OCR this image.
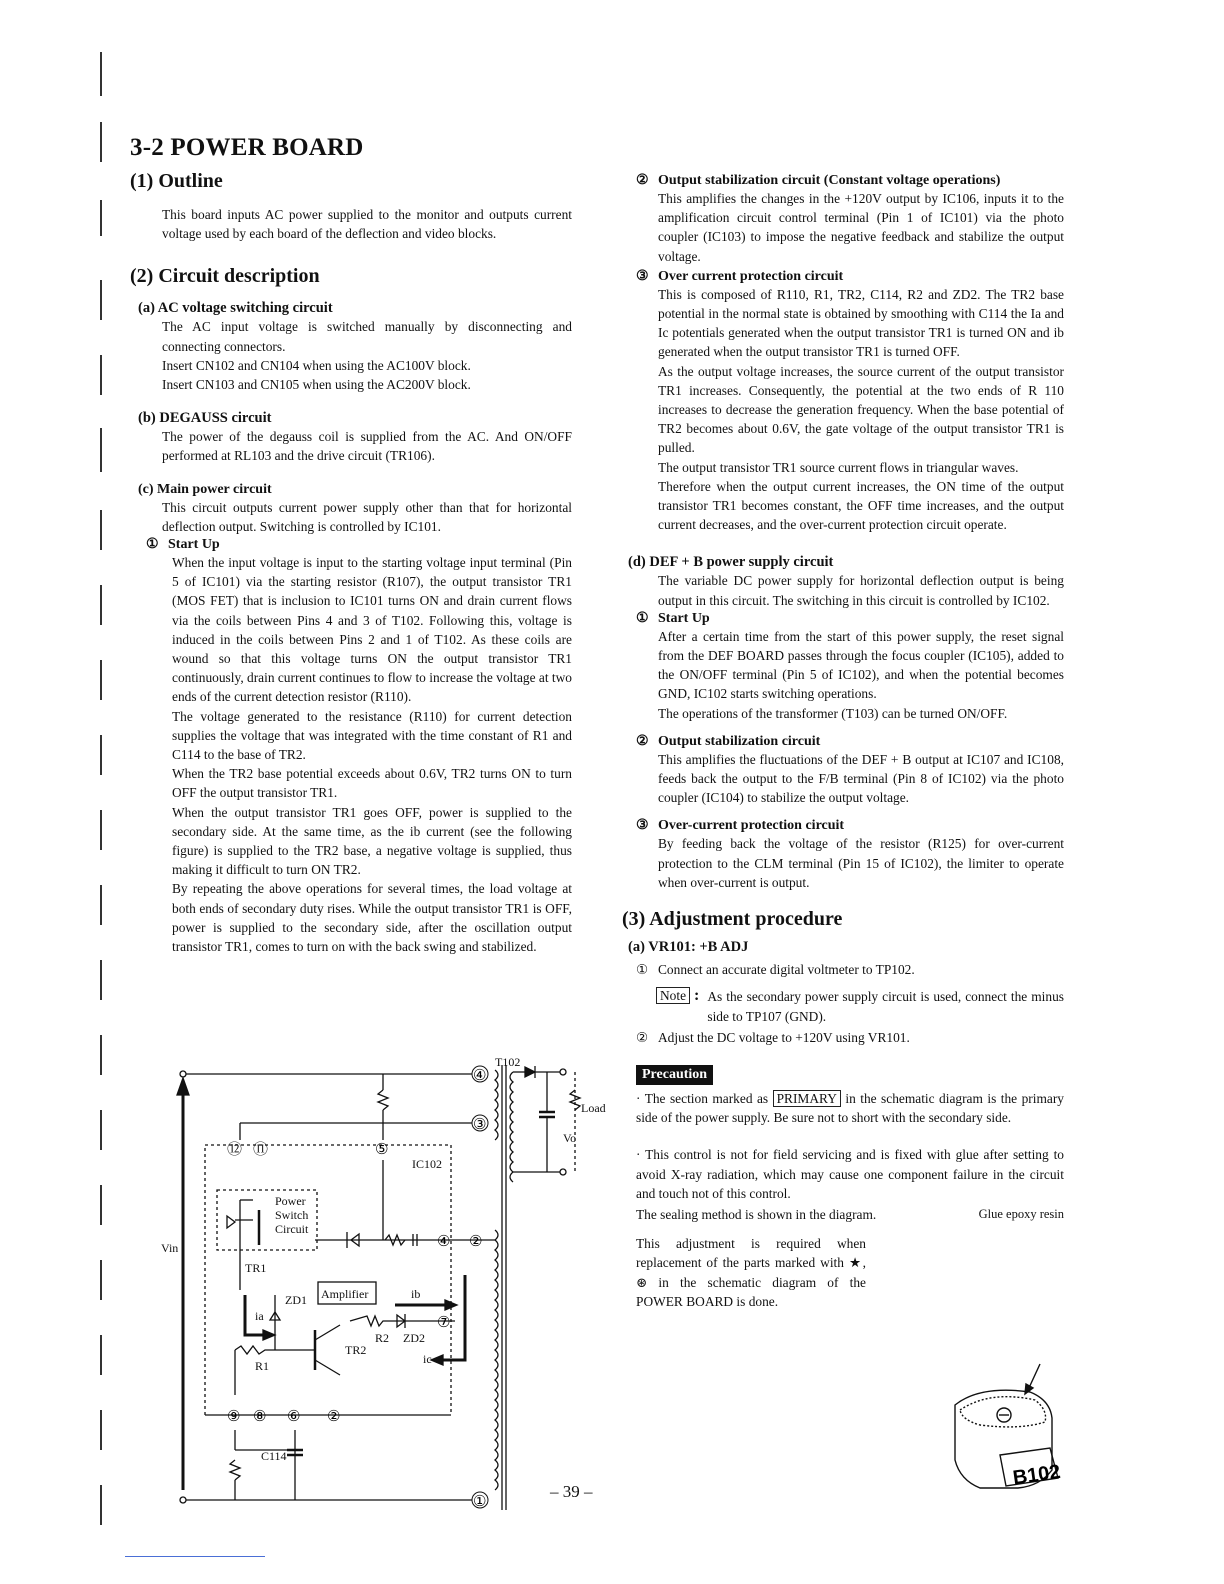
3-2 POWER BOARD
(1) Outline

This board inputs AC power supplied to the monitor and outputs current voltage used by each board of the deflection and video blocks.

(2) Circuit description
(a) AC voltage switching circuit

The AC input voltage is switched manually by disconnecting and connecting connectors.

Insert CN102 and CN104 when using the AC100V block.

Insert CN103 and CN105 when using the AC200V block.

(b) DEGAUSS circuit

The power of the degauss coil is supplied from the AC. And ON/OFF performed at RL103 and the drive circuit (TR106).

(c) Main power circuit

This circuit outputs current power supply other than that for horizontal deflection output. Switching is controlled by IC101.

① Start Up

When the input voltage is input to the starting voltage input terminal (Pin 5 of IC101) via the starting resistor (R107), the output transistor TR1 (MOS FET) that is inclusion to IC101 turns ON and drain current flows via the coils between Pins 4 and 3 of T102. Following this, voltage is induced in the coils between Pins 2 and 1 of T102. As these coils are wound so that this voltage turns ON the output transistor TR1 continuously, drain current continues to flow to increase the voltage at two ends of the current detection resistor (R110).

The voltage generated to the resistance (R110) for current detection supplies the voltage that was integrated with the time constant of R1 and C114 to the base of TR2.

When the TR2 base potential exceeds about 0.6V, TR2 turns ON to turn OFF the output transistor TR1.

When the output transistor TR1 goes OFF, power is supplied to the secondary side. At the same time, as the ib current (see the following figure) is supplied to the TR2 base, a negative voltage is supplied, thus making it difficult to turn ON TR2.

By repeating the above operations for several times, the load voltage at both ends of secondary duty rises. While the output transistor TR1 is OFF, power is supplied to the secondary side, after the oscillation output transistor TR1, comes to turn on with the back swing and stabilized.

T102
Load
Vo
IC102
Power
Switch
Circuit
Vin
TR1
Amplifier	ib
ia
ZD1
TR2
R2 ZD2
ic
R1
C114
④
③
⑫ ⑪	⑤
④ ②
⑦
⑨ ⑧ ⑥ ②
①
② Output stabilization circuit (Constant voltage operations)

This amplifies the changes in the +120V output by IC106, inputs it to the amplification circuit control terminal (Pin 1 of IC101) via the photo coupler (IC103) to impose the negative feedback and stabilize the output voltage.

③ Over current protection circuit

This is composed of R110, R1, TR2, C114, R2 and ZD2. The TR2 base potential in the normal state is obtained by smoothing with C114 the Ia and Ic potentials generated when the output transistor TR1 is turned ON and ib generated when the output transistor TR1 is turned OFF.

As the output voltage increases, the source current of the output transistor TR1 increases. Consequently, the potential at the two ends of R 110 increases to decrease the generation frequency. When the base potential of TR2 becomes about 0.6V, the gate voltage of the output transistor TR1 is pulled.

The output transistor TR1 source current flows in triangular waves.

Therefore when the output current increases, the ON time of the output transistor TR1 becomes constant, the OFF time increases, and the output current decreases, and the over-current protection circuit operate.

(d) DEF + B power supply circuit

The variable DC power supply for horizontal deflection output is being output in this circuit. The switching in this circuit is controlled by IC102.

① Start Up

After a certain time from the start of this power supply, the reset signal from the DEF BOARD passes through the focus coupler (IC105), added to the ON/OFF terminal (Pin 5 of IC102), and when the potential becomes GND, IC102 starts switching operations.

The operations of the transformer (T103) can be turned ON/OFF.

② Output stabilization circuit

This amplifies the fluctuations of the DEF + B output at IC107 and IC108, feeds back the output to the F/B terminal (Pin 8 of IC102) via the photo coupler (IC104) to stabilize the output voltage.

③ Over-current protection circuit

By feeding back the voltage of the resistor (R125) for over-current protection to the CLM terminal (Pin 15 of IC102), the limiter to operate when over-current is output.

(3) Adjustment procedure
(a) VR101: +B ADJ

① Connect an accurate digital voltmeter to TP102.

Note : As the secondary power supply circuit is used, connect the minus side to TP107 (GND).

② Adjust the DC voltage to +120V using VR101.

Precaution

· The section marked as PRIMARY in the schematic diagram is the primary side of the power supply. Be sure not to short with the secondary side.

· This control is not for field servicing and is fixed with glue after setting to avoid X-ray radiation, which may cause one component failure in the circuit and touch not of this control.

The sealing method is shown in the diagram.	Glue epoxy resin

This adjustment is required when replacement of the parts marked with ★, ⊛ in the schematic diagram of the POWER BOARD is done.

B102
– 39 –
